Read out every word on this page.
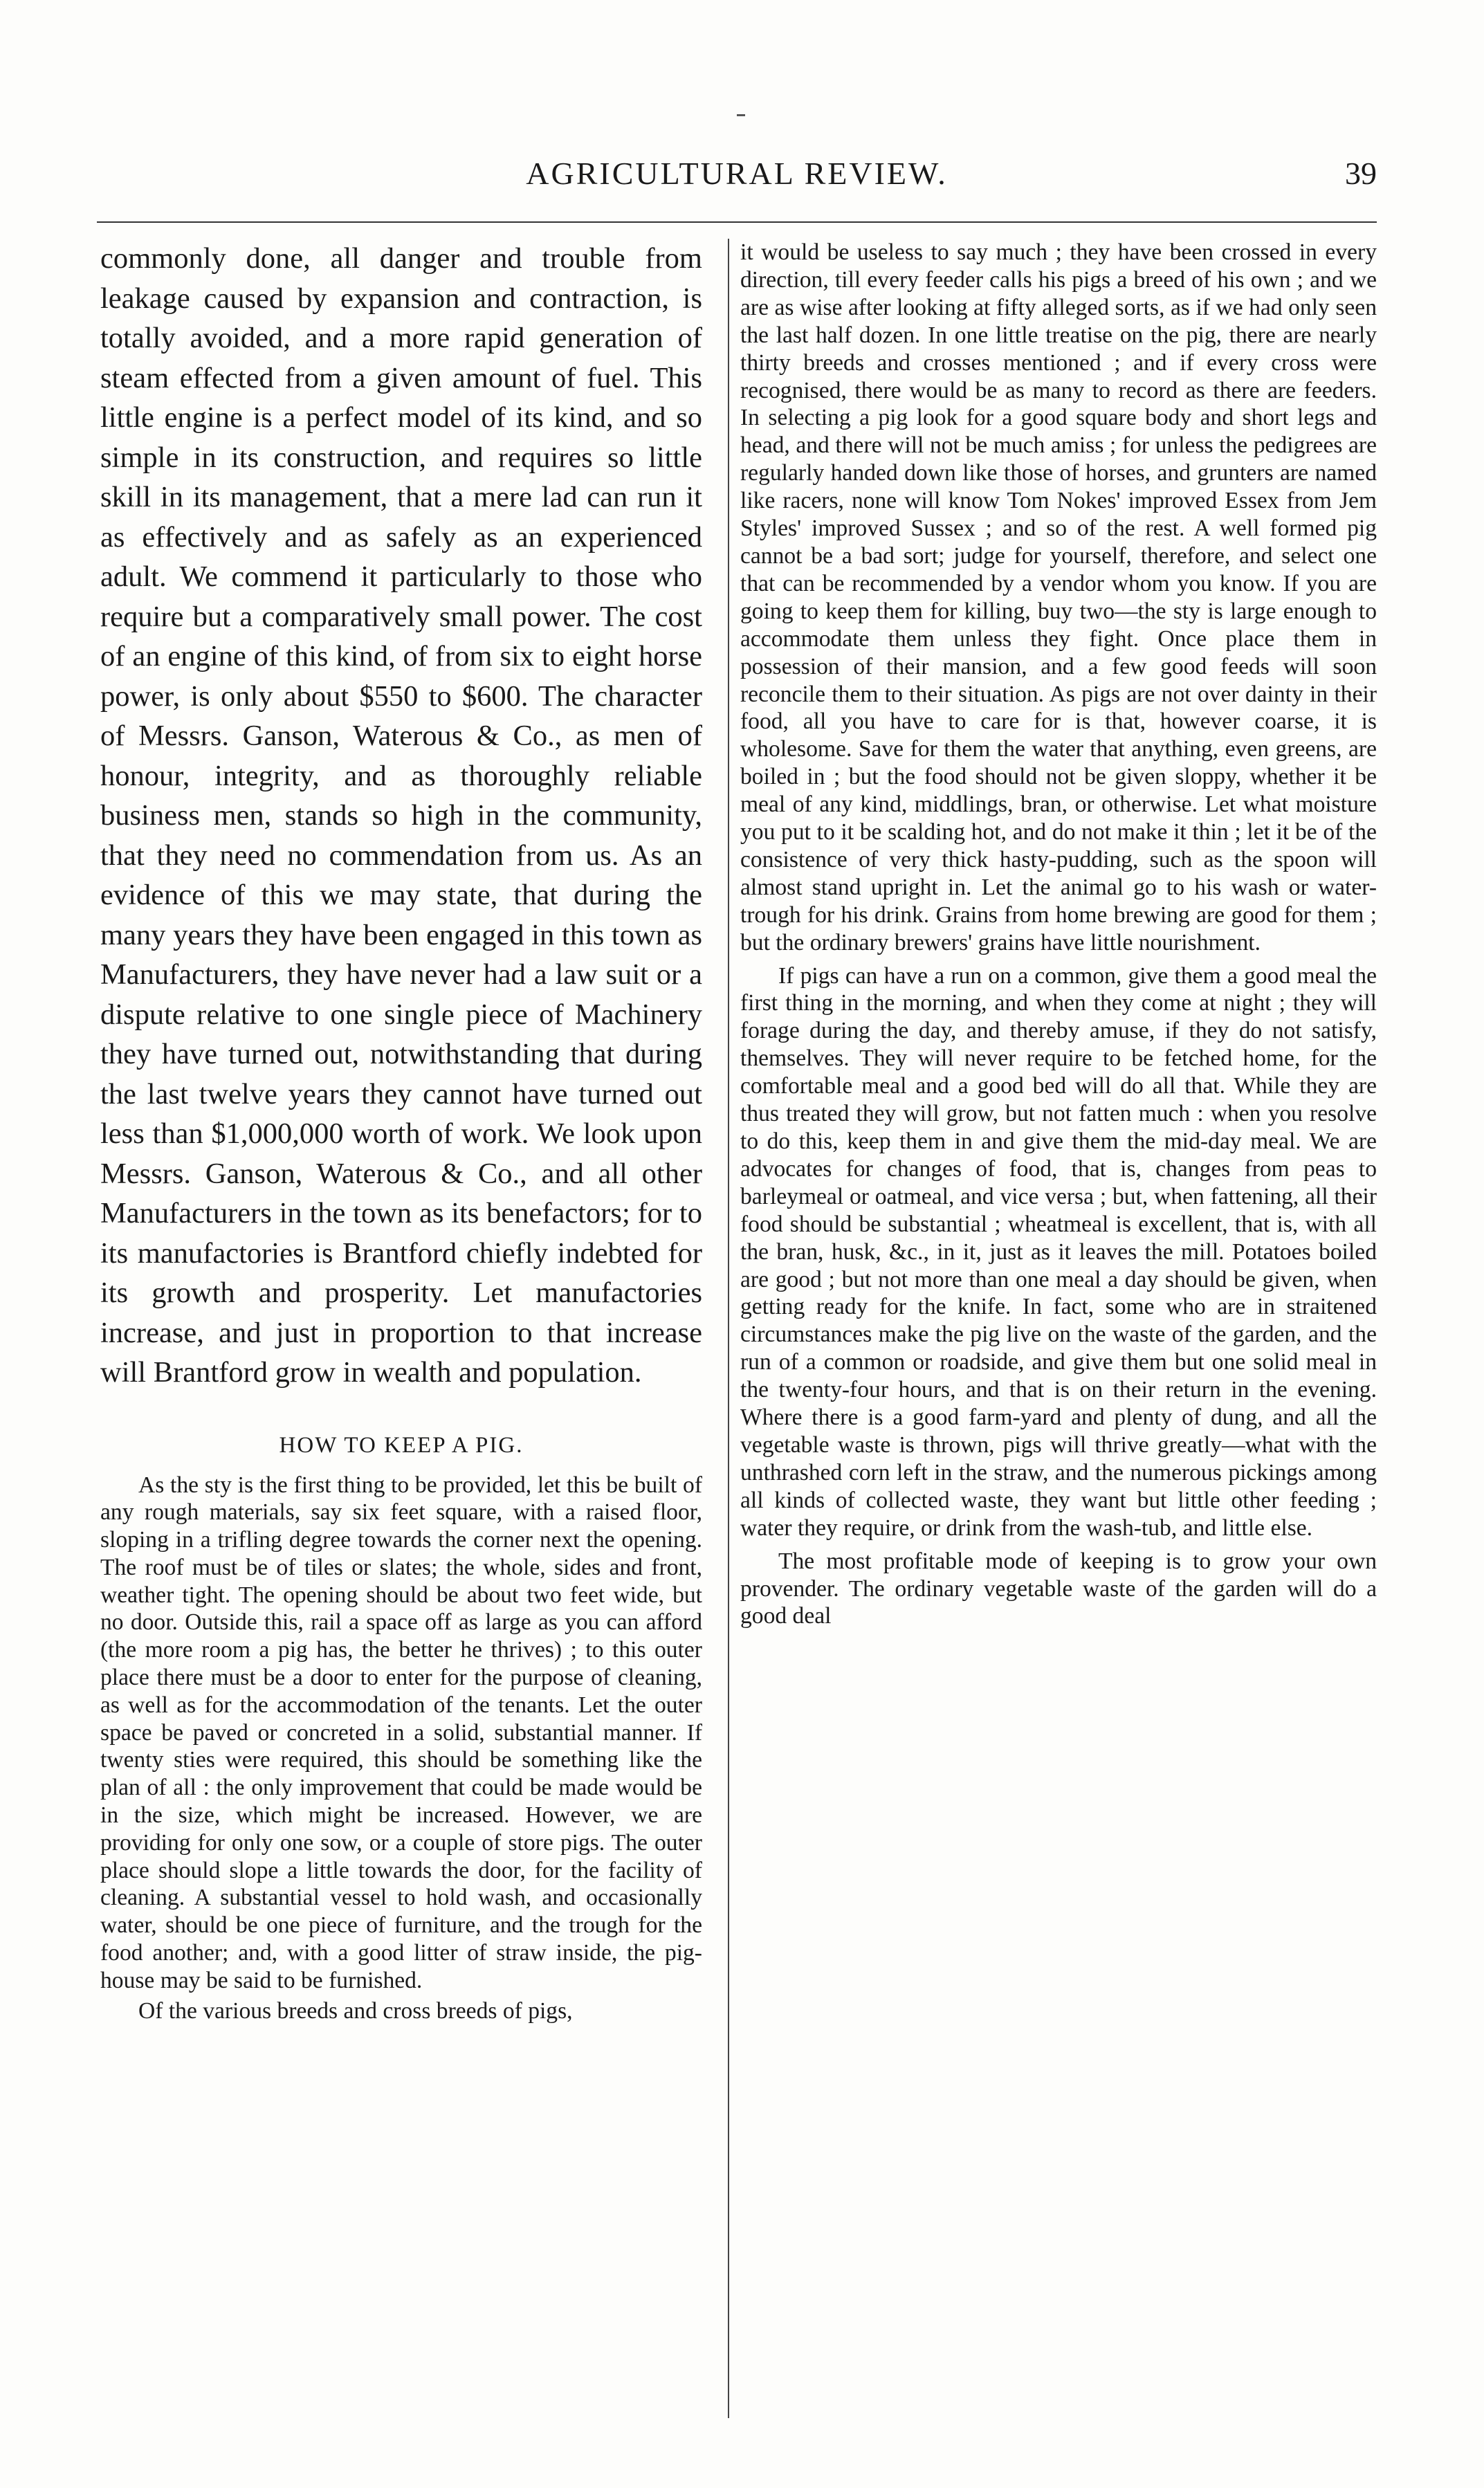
AGRICULTURAL REVIEW.	39

commonly done, all danger and trouble from leakage caused by expansion and contraction, is totally avoided, and a more rapid generation of steam effected from a given amount of fuel. This little engine is a perfect model of its kind, and so simple in its construction, and requires so little skill in its management, that a mere lad can run it as effectively and as safely as an experienced adult. We commend it particularly to those who require but a comparatively small power. The cost of an engine of this kind, of from six to eight horse power, is only about $550 to $600. The character of Messrs. Ganson, Waterous & Co., as men of honour, integrity, and as thoroughly reliable business men, stands so high in the community, that they need no commendation from us. As an evidence of this we may state, that during the many years they have been engaged in this town as Manufacturers, they have never had a law suit or a dispute relative to one single piece of Machinery they have turned out, notwithstanding that during the last twelve years they cannot have turned out less than $1,000,000 worth of work. We look upon Messrs. Ganson, Waterous & Co., and all other Manufacturers in the town as its benefactors; for to its manufactories is Brantford chiefly indebted for its growth and prosperity. Let manufactories increase, and just in proportion to that increase will Brantford grow in wealth and population.

HOW TO KEEP A PIG.

As the sty is the first thing to be provided, let this be built of any rough materials, say six feet square, with a raised floor, sloping in a trifling degree towards the corner next the opening. The roof must be of tiles or slates; the whole, sides and front, weather tight. The opening should be about two feet wide, but no door. Outside this, rail a space off as large as you can afford (the more room a pig has, the better he thrives) ; to this outer place there must be a door to enter for the purpose of cleaning, as well as for the accommodation of the tenants. Let the outer space be paved or concreted in a solid, substantial manner. If twenty sties were required, this should be something like the plan of all : the only improvement that could be made would be in the size, which might be increased. However, we are providing for only one sow, or a couple of store pigs. The outer place should slope a little towards the door, for the facility of cleaning. A substantial vessel to hold wash, and occasionally water, should be one piece of furniture, and the trough for the food another; and, with a good litter of straw inside, the pig-house may be said to be furnished.

Of the various breeds and cross breeds of pigs,

it would be useless to say much ; they have been crossed in every direction, till every feeder calls his pigs a breed of his own ; and we are as wise after looking at fifty alleged sorts, as if we had only seen the last half dozen. In one little treatise on the pig, there are nearly thirty breeds and crosses mentioned ; and if every cross were recognised, there would be as many to record as there are feeders. In selecting a pig look for a good square body and short legs and head, and there will not be much amiss ; for unless the pedigrees are regularly handed down like those of horses, and grunters are named like racers, none will know Tom Nokes' improved Essex from Jem Styles' improved Sussex ; and so of the rest. A well formed pig cannot be a bad sort; judge for yourself, therefore, and select one that can be recommended by a vendor whom you know. If you are going to keep them for killing, buy two—the sty is large enough to accommodate them unless they fight. Once place them in possession of their mansion, and a few good feeds will soon reconcile them to their situation. As pigs are not over dainty in their food, all you have to care for is that, however coarse, it is wholesome. Save for them the water that anything, even greens, are boiled in ; but the food should not be given sloppy, whether it be meal of any kind, middlings, bran, or otherwise. Let what moisture you put to it be scalding hot, and do not make it thin ; let it be of the consistence of very thick hasty-pudding, such as the spoon will almost stand upright in. Let the animal go to his wash or water-trough for his drink. Grains from home brewing are good for them ; but the ordinary brewers' grains have little nourishment.

If pigs can have a run on a common, give them a good meal the first thing in the morning, and when they come at night ; they will forage during the day, and thereby amuse, if they do not satisfy, themselves. They will never require to be fetched home, for the comfortable meal and a good bed will do all that. While they are thus treated they will grow, but not fatten much : when you resolve to do this, keep them in and give them the mid-day meal. We are advocates for changes of food, that is, changes from peas to barleymeal or oatmeal, and vice versa ; but, when fattening, all their food should be substantial ; wheatmeal is excellent, that is, with all the bran, husk, &c., in it, just as it leaves the mill. Potatoes boiled are good ; but not more than one meal a day should be given, when getting ready for the knife. In fact, some who are in straitened circumstances make the pig live on the waste of the garden, and the run of a common or roadside, and give them but one solid meal in the twenty-four hours, and that is on their return in the evening. Where there is a good farm-yard and plenty of dung, and all the vegetable waste is thrown, pigs will thrive greatly—what with the unthrashed corn left in the straw, and the numerous pickings among all kinds of collected waste, they want but little other feeding ; water they require, or drink from the wash-tub, and little else.

The most profitable mode of keeping is to grow your own provender. The ordinary vegetable waste of the garden will do a good deal
